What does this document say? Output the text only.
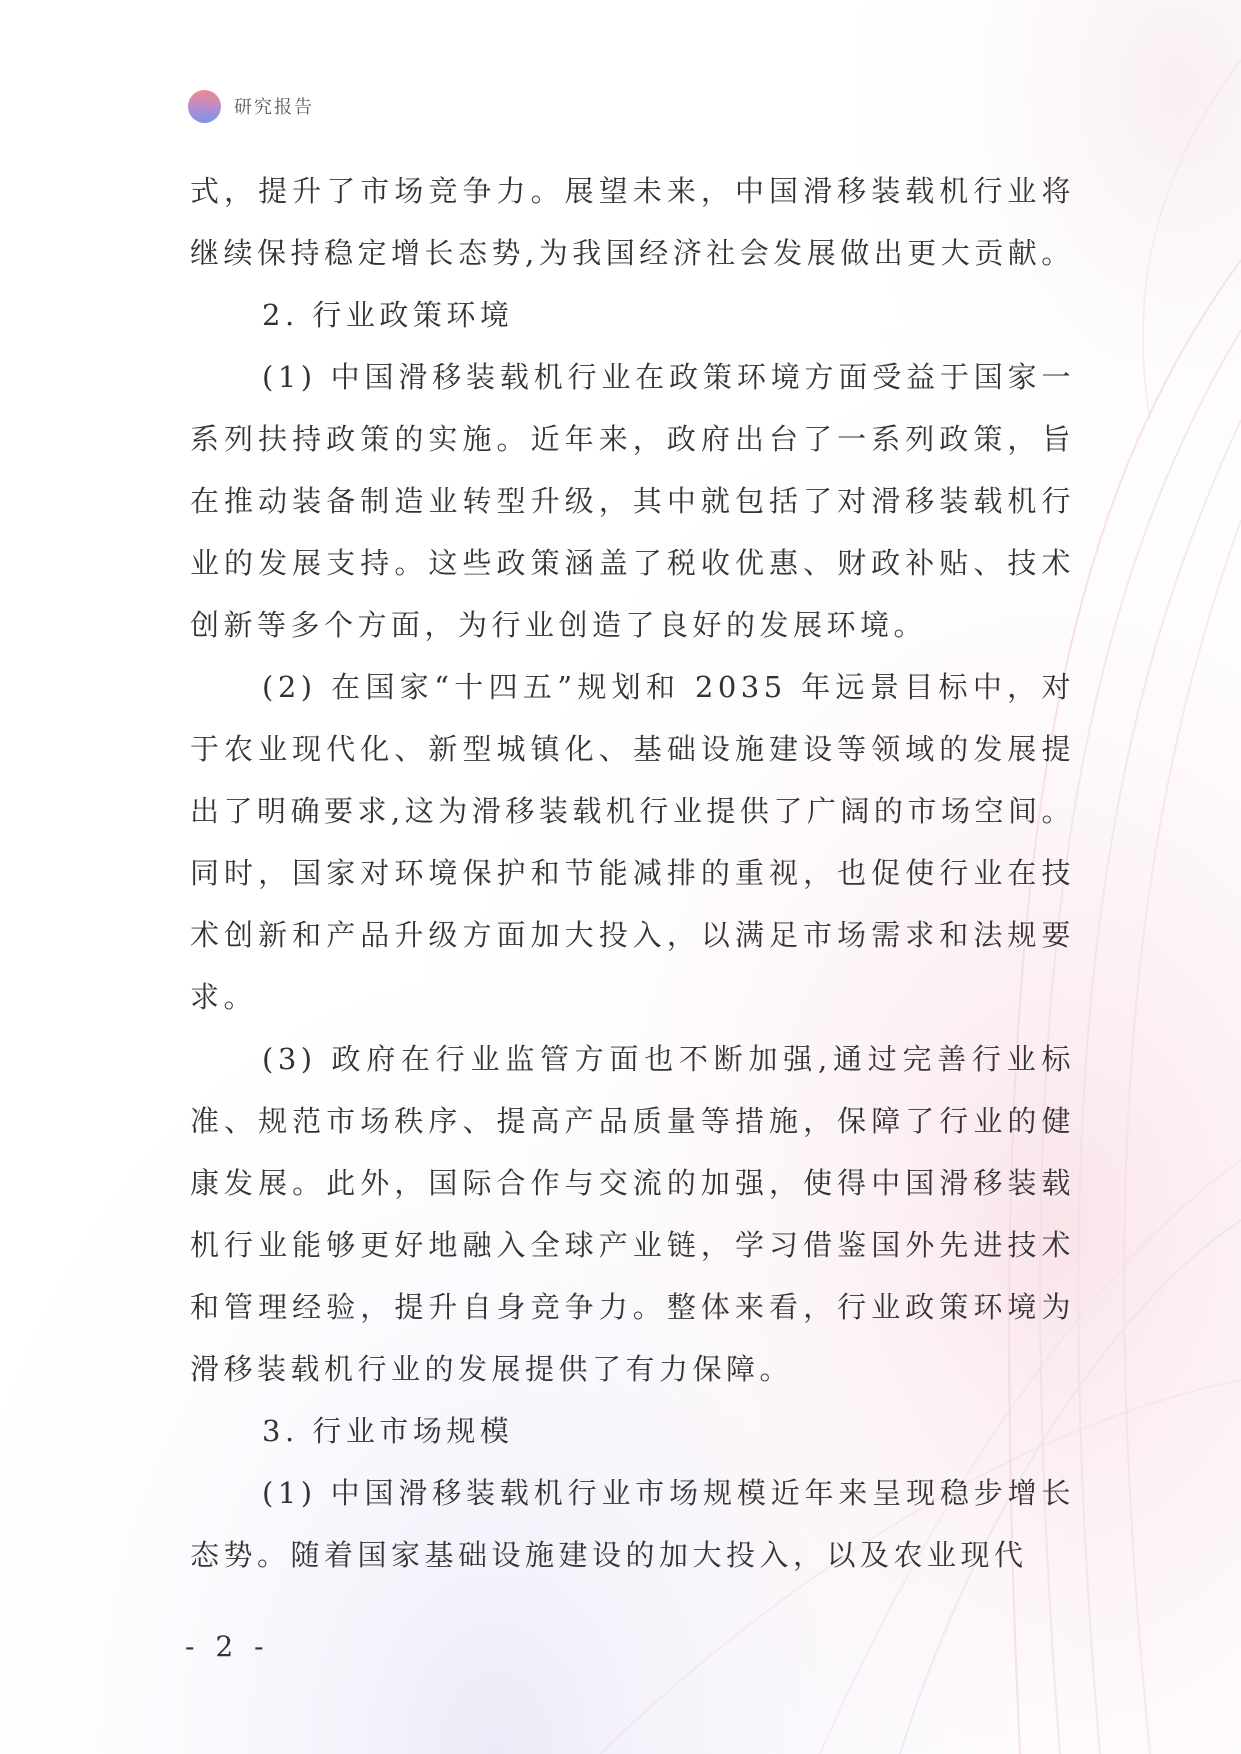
研究报告

式，提升了市场竞争力。展望未来，中国滑移装载机行业将继续保持稳定增长态势,为我国经济社会发展做出更大贡献。

2. 行业政策环境

(1) 中国滑移装载机行业在政策环境方面受益于国家一系列扶持政策的实施。近年来，政府出台了一系列政策，旨在推动装备制造业转型升级，其中就包括了对滑移装载机行业的发展支持。这些政策涵盖了税收优惠、财政补贴、技术创新等多个方面，为行业创造了良好的发展环境。

(2) 在国家“十四五”规划和 2035 年远景目标中，对于农业现代化、新型城镇化、基础设施建设等领域的发展提出了明确要求,这为滑移装载机行业提供了广阔的市场空间。同时，国家对环境保护和节能减排的重视，也促使行业在技术创新和产品升级方面加大投入，以满足市场需求和法规要求。

(3) 政府在行业监管方面也不断加强,通过完善行业标准、规范市场秩序、提高产品质量等措施，保障了行业的健康发展。此外，国际合作与交流的加强，使得中国滑移装载机行业能够更好地融入全球产业链，学习借鉴国外先进技术和管理经验，提升自身竞争力。整体来看，行业政策环境为滑移装载机行业的发展提供了有力保障。

3. 行业市场规模

(1) 中国滑移装载机行业市场规模近年来呈现稳步增长态势。随着国家基础设施建设的加大投入，以及农业现代

- 2 -
